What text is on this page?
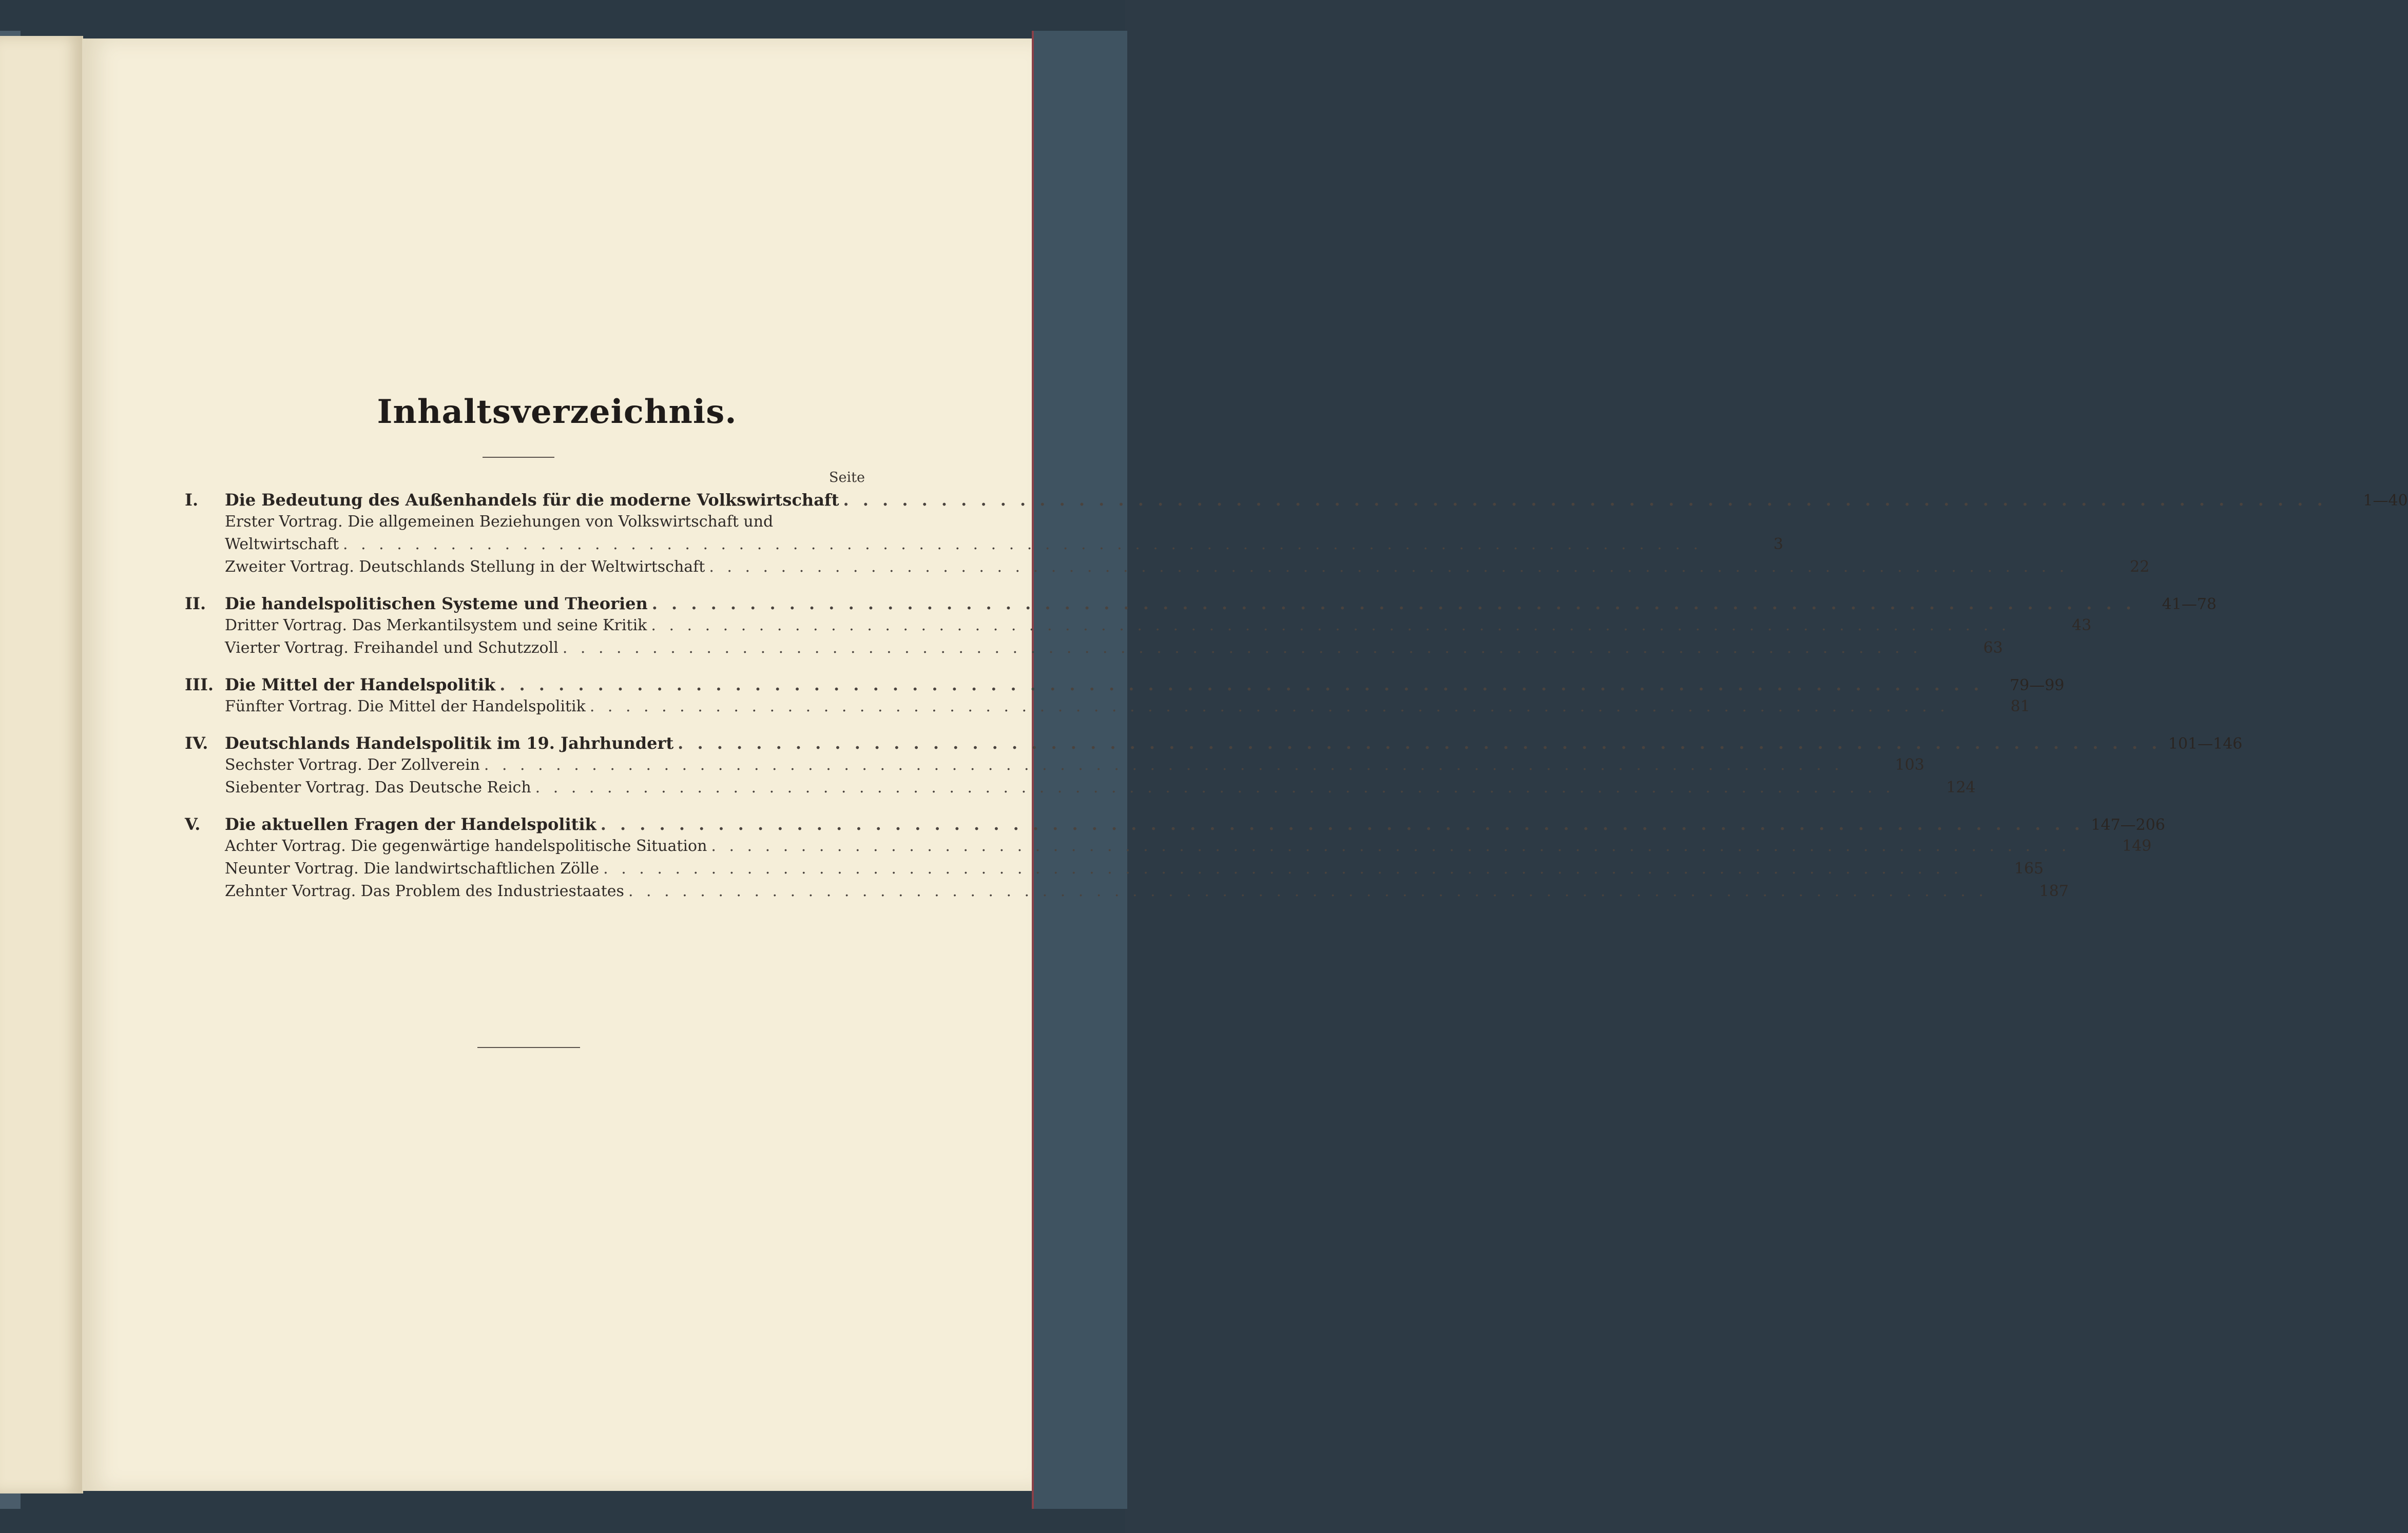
Inhaltsverzeichnis.
Seite
I.	Die Bedeutung des Außenhandels für die moderne Volkswirtschaft . . .	1—40
Erster Vortrag. Die allgemeinen Beziehungen von Volkswirtschaft und
Weltwirtschaft . . .	3
Zweiter Vortrag. Deutschlands Stellung in der Weltwirtschaft . . .	22
II.	Die handelspolitischen Systeme und Theorien . . .	41—78
Dritter Vortrag. Das Merkantilsystem und seine Kritik . . .	43
Vierter Vortrag. Freihandel und Schutzzoll . . .	63
III. Die Mittel der Handelspolitik . . .	79—99
Fünfter Vortrag. Die Mittel der Handelspolitik . . .	81
IV.	Deutschlands Handelspolitik im 19. Jahrhundert . . .	101—146
Sechster Vortrag. Der Zollverein . . .	103
Siebenter Vortrag. Das Deutsche Reich . . .	124
V.	Die aktuellen Fragen der Handelspolitik . . .	147—206
Achter Vortrag. Die gegenwärtige handelspolitische Situation . . .	149
Neunter Vortrag. Die landwirtschaftlichen Zölle . . .	165
Zehnter Vortrag. Das Problem des Industriestaates . . .	187
